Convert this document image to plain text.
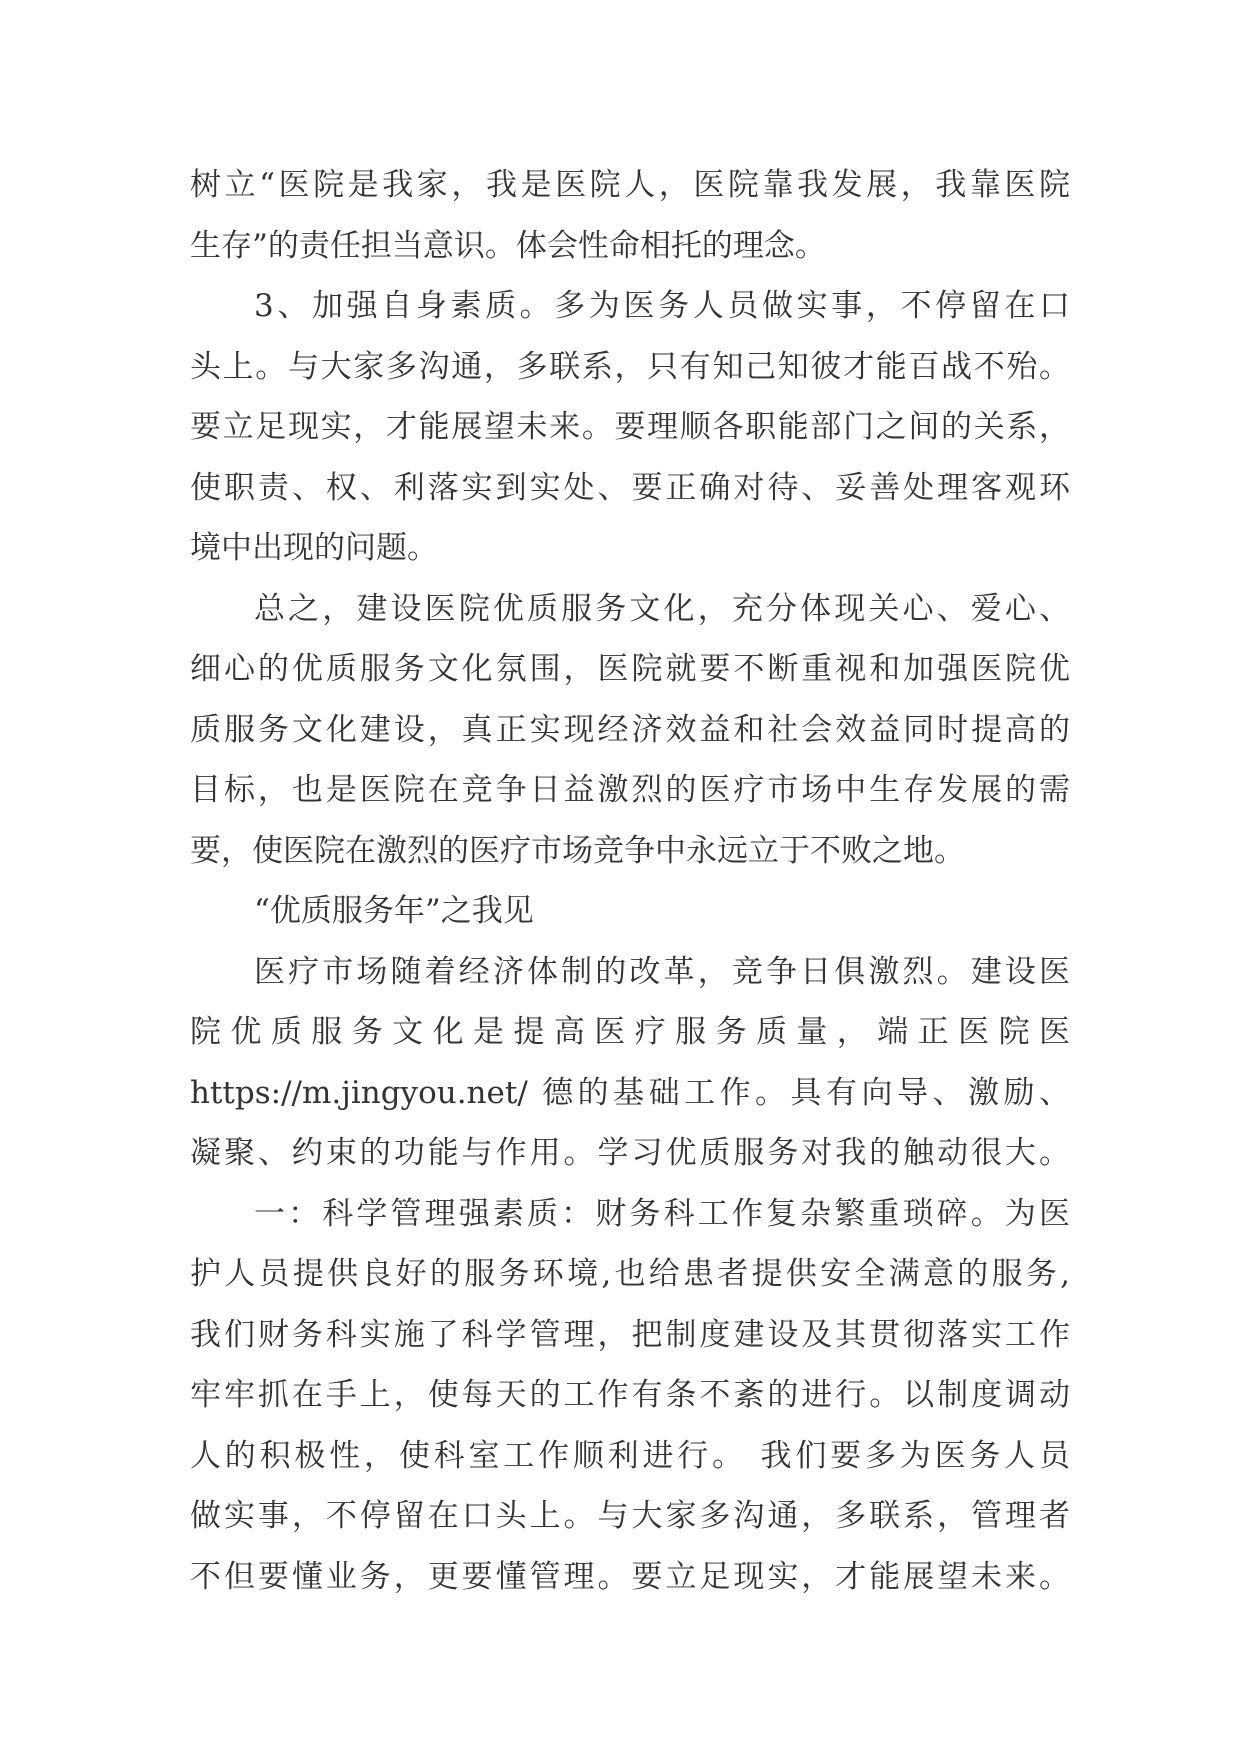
树立“医院是我家，我是医院人，医院靠我发展，我靠医院
生存”的责任担当意识。体会性命相托的理念。
3、加强自身素质。多为医务人员做实事，不停留在口
头上。与大家多沟通，多联系，只有知己知彼才能百战不殆。
要立足现实，才能展望未来。要理顺各职能部门之间的关系，
使职责、权、利落实到实处、要正确对待、妥善处理客观环
境中出现的问题。
总之，建设医院优质服务文化，充分体现关心、爱心、
细心的优质服务文化氛围，医院就要不断重视和加强医院优
质服务文化建设，真正实现经济效益和社会效益同时提高的
目标，也是医院在竞争日益激烈的医疗市场中生存发展的需
要，使医院在激烈的医疗市场竞争中永远立于不败之地。
“优质服务年”之我见
医疗市场随着经济体制的改革，竞争日俱激烈。建设医
院优质服务文化是提高医疗服务质量，端正医院医
https://m.jingyou.net/ 德的基础工作。具有向导、激励、
凝聚、约束的功能与作用。学习优质服务对我的触动很大。
一：科学管理强素质：财务科工作复杂繁重琐碎。为医
护人员提供良好的服务环境,也给患者提供安全满意的服务,
我们财务科实施了科学管理，把制度建设及其贯彻落实工作
牢牢抓在手上，使每天的工作有条不紊的进行。以制度调动
人的积极性，使科室工作顺利进行。 我们要多为医务人员
做实事，不停留在口头上。与大家多沟通，多联系，管理者
不但要懂业务，更要懂管理。要立足现实，才能展望未来。
